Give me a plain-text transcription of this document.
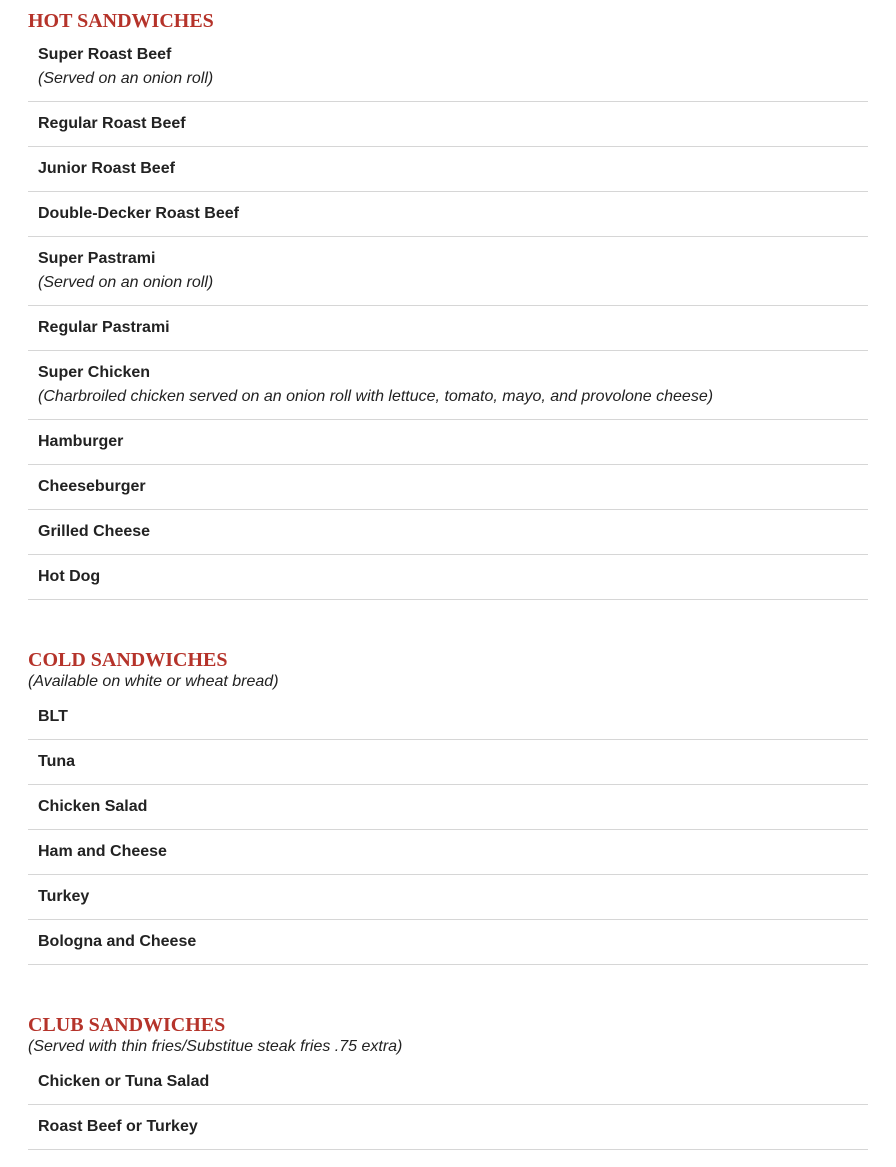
HOT SANDWICHES
Super Roast Beef
(Served on an onion roll)
Regular Roast Beef
Junior Roast Beef
Double-Decker Roast Beef
Super Pastrami
(Served on an onion roll)
Regular Pastrami
Super Chicken
(Charbroiled chicken served on an onion roll with lettuce, tomato, mayo, and provolone cheese)
Hamburger
Cheeseburger
Grilled Cheese
Hot Dog
COLD SANDWICHES

(Available on white or wheat bread)

BLT
Tuna
Chicken Salad
Ham and Cheese
Turkey
Bologna and Cheese
CLUB SANDWICHES

(Served with thin fries/Substitue steak fries .75 extra)

Chicken or Tuna Salad
Roast Beef or Turkey
